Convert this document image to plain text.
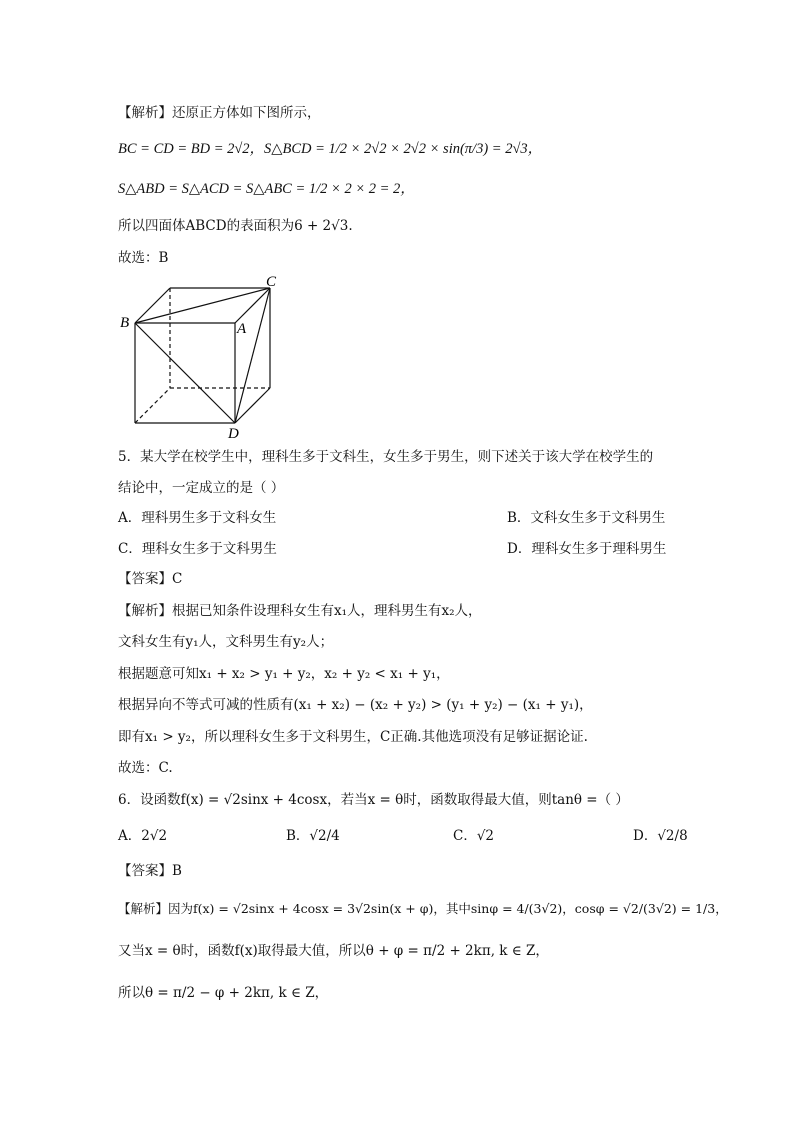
【解析】还原正方体如下图所示，
BC = CD = BD = 2√2，S△BCD = 1/2 × 2√2 × 2√2 × sin(π/3) = 2√3，
S△ABD = S△ACD = S△ABC = 1/2 × 2 × 2 = 2，
所以四面体ABCD的表面积为6 + 2√3.
故选：B
B
C
A
D
5．某大学在校学生中，理科生多于文科生，女生多于男生，则下述关于该大学在校学生的
结论中，一定成立的是（ ）
A．理科男生多于文科女生	B．文科女生多于文科男生
C．理科女生多于文科男生	D．理科女生多于理科男生
【答案】C
【解析】根据已知条件设理科女生有x₁人，理科男生有x₂人，
文科女生有y₁人，文科男生有y₂人；
根据题意可知x₁ + x₂ > y₁ + y₂，x₂ + y₂ < x₁ + y₁，
根据异向不等式可减的性质有(x₁ + x₂) − (x₂ + y₂) > (y₁ + y₂) − (x₁ + y₁)，
即有x₁ > y₂，所以理科女生多于文科男生，C正确.其他选项没有足够证据论证.
故选：C.
6．设函数f(x) = √2sinx + 4cosx，若当x = θ时，函数取得最大值，则tanθ =（ ）
A．2√2	B．√2/4	C．√2	D．√2/8
【答案】B
【解析】因为f(x) = √2sinx + 4cosx = 3√2sin(x + φ)，其中sinφ = 4/(3√2)，cosφ = √2/(3√2) = 1/3，
又当x = θ时，函数f(x)取得最大值，所以θ + φ = π/2 + 2kπ, k ∈ Z，
所以θ = π/2 − φ + 2kπ, k ∈ Z，
